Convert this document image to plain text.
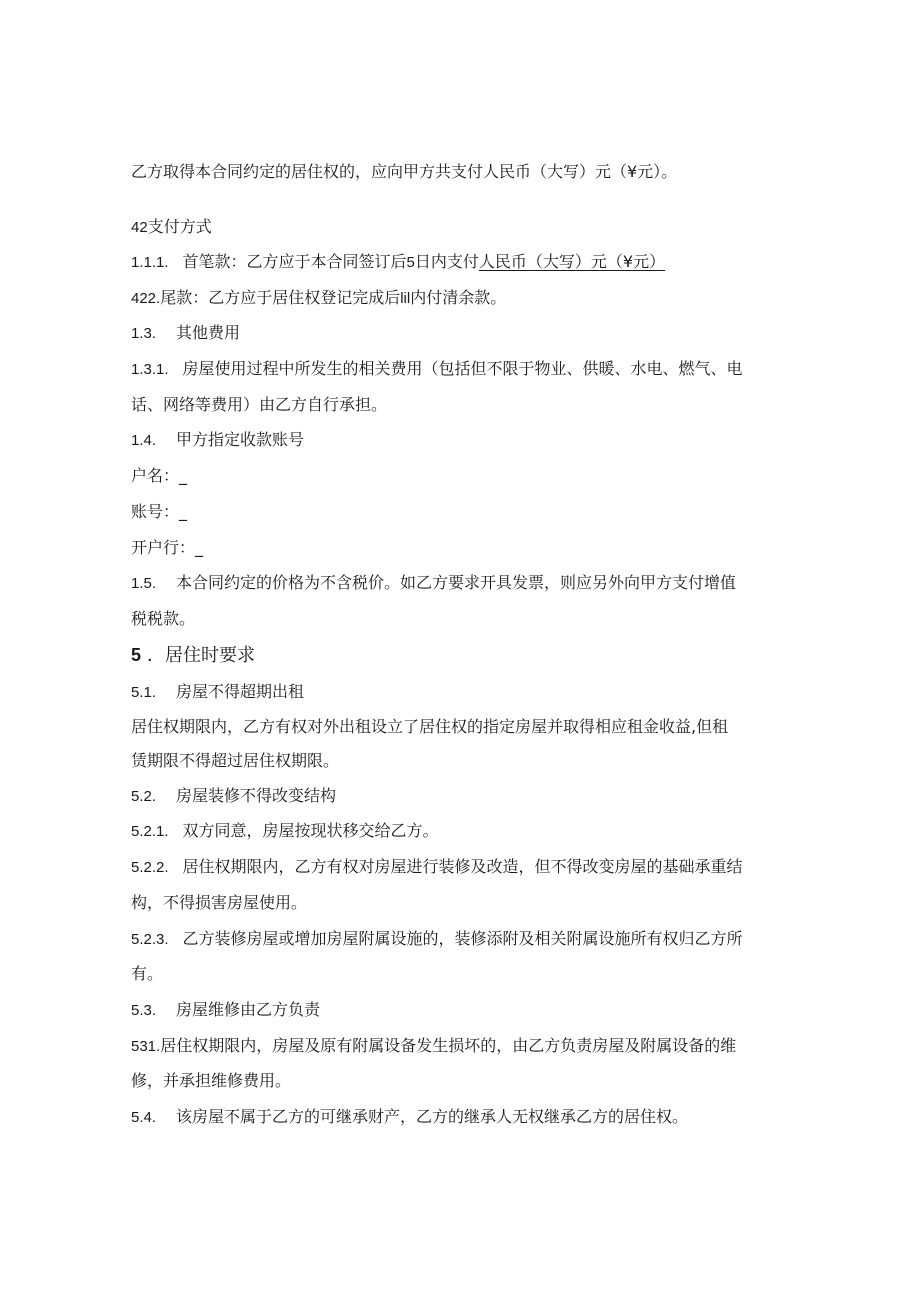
乙方取得本合同约定的居住权的，应向甲方共支付人民币（大写）元（¥元）。
42支付方式
1.1.1. 首笔款：乙方应于本合同签订后5日内支付人民币（大写）元（¥元）
422.尾款：乙方应于居住权登记完成后lil内付清余款。
1.3. 其他费用
1.3.1. 房屋使用过程中所发生的相关费用（包括但不限于物业、供暖、水电、燃气、电
话、网络等费用）由乙方自行承担。
1.4. 甲方指定收款账号
户名：_
账号：_
开户行：_
1.5. 本合同约定的价格为不含税价。如乙方要求开具发票，则应另外向甲方支付增值
税税款。
5 ．居住时要求
5.1. 房屋不得超期出租
居住权期限内，乙方有权对外出租设立了居住权的指定房屋并取得相应租金收益,但租
赁期限不得超过居住权期限。
5.2. 房屋装修不得改变结构
5.2.1. 双方同意，房屋按现状移交给乙方。
5.2.2. 居住权期限内，乙方有权对房屋进行装修及改造，但不得改变房屋的基础承重结
构，不得损害房屋使用。
5.2.3. 乙方装修房屋或增加房屋附属设施的，装修添附及相关附属设施所有权归乙方所
有。
5.3. 房屋维修由乙方负责
531.居住权期限内，房屋及原有附属设备发生损坏的，由乙方负责房屋及附属设备的维
修，并承担维修费用。
5.4. 该房屋不属于乙方的可继承财产，乙方的继承人无权继承乙方的居住权。
